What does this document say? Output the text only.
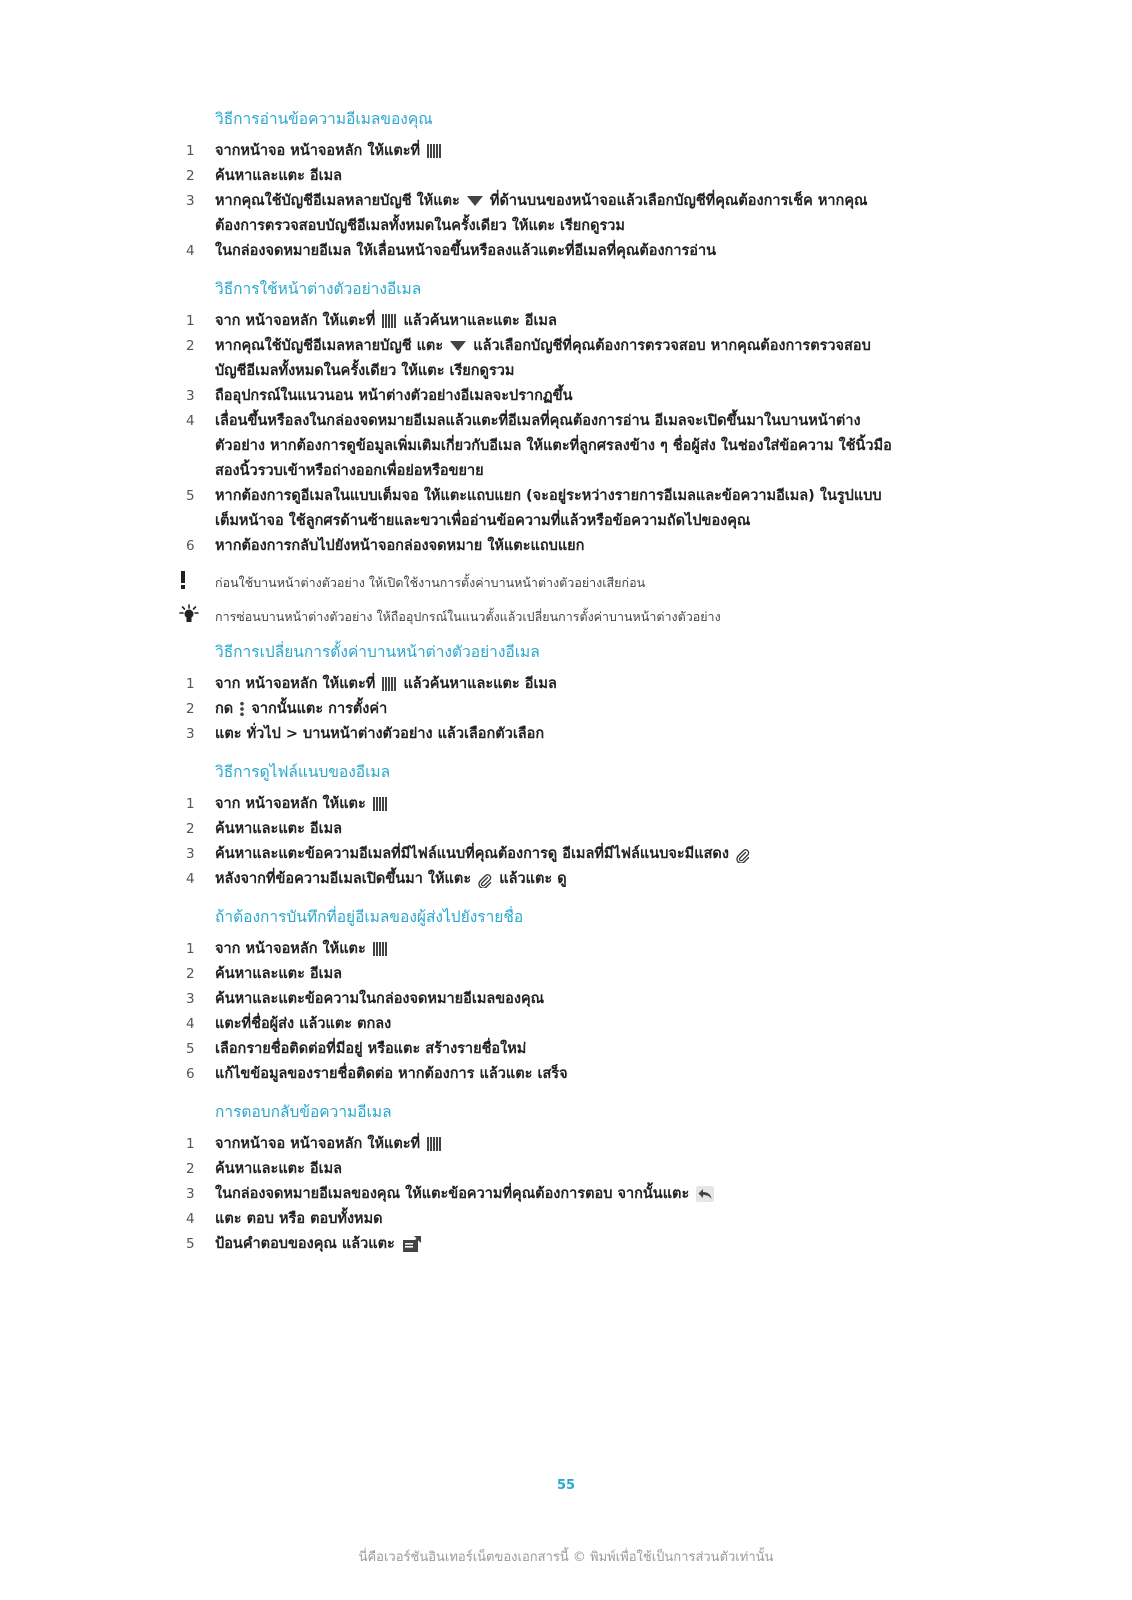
วิธีการอ่านข้อความอีเมลของคุณ
1 จากหน้าจอ หน้าจอหลัก ให้แตะที่
2 ค้นหาและแตะ อีเมล
3 หากคุณใช้บัญชีอีเมลหลายบัญชี ให้แตะ ที่ด้านบนของหน้าจอแล้วเลือกบัญชีที่คุณต้องการเช็ค หากคุณต้องการตรวจสอบบัญชีอีเมลทั้งหมดในครั้งเดียว ให้แตะ เรียกดูรวม
4 ในกล่องจดหมายอีเมล ให้เลื่อนหน้าจอขึ้นหรือลงแล้วแตะที่อีเมลที่คุณต้องการอ่าน
วิธีการใช้หน้าต่างตัวอย่างอีเมล
1 จาก หน้าจอหลัก ให้แตะที่ แล้วค้นหาและแตะ อีเมล
2 หากคุณใช้บัญชีอีเมลหลายบัญชี แตะ แล้วเลือกบัญชีที่คุณต้องการตรวจสอบ หากคุณต้องการตรวจสอบบัญชีอีเมลทั้งหมดในครั้งเดียว ให้แตะ เรียกดูรวม
3 ถืออุปกรณ์ในแนวนอน หน้าต่างตัวอย่างอีเมลจะปรากฏขึ้น
4 เลื่อนขึ้นหรือลงในกล่องจดหมายอีเมลแล้วแตะที่อีเมลที่คุณต้องการอ่าน อีเมลจะเปิดขึ้นมาในบานหน้าต่างตัวอย่าง หากต้องการดูข้อมูลเพิ่มเติมเกี่ยวกับอีเมล ให้แตะที่ลูกศรลงข้าง ๆ ชื่อผู้ส่ง ในช่องใส่ข้อความ ใช้นิ้วมือสองนิ้วรวบเข้าหรือถ่างออกเพื่อย่อหรือขยาย
5 หากต้องการดูอีเมลในแบบเต็มจอ ให้แตะแถบแยก (จะอยู่ระหว่างรายการอีเมลและข้อความอีเมล) ในรูปแบบเต็มหน้าจอ ใช้ลูกศรด้านซ้ายและขวาเพื่ออ่านข้อความที่แล้วหรือข้อความถัดไปของคุณ
6 หากต้องการกลับไปยังหน้าจอกล่องจดหมาย ให้แตะแถบแยก
ก่อนใช้บานหน้าต่างตัวอย่าง ให้เปิดใช้งานการตั้งค่าบานหน้าต่างตัวอย่างเสียก่อน
การซ่อนบานหน้าต่างตัวอย่าง ให้ถืออุปกรณ์ในแนวตั้งแล้วเปลี่ยนการตั้งค่าบานหน้าต่างตัวอย่าง
วิธีการเปลี่ยนการตั้งค่าบานหน้าต่างตัวอย่างอีเมล
1 จาก หน้าจอหลัก ให้แตะที่ แล้วค้นหาและแตะ อีเมล
2 กด จากนั้นแตะ การตั้งค่า
3 แตะ ทั่วไป > บานหน้าต่างตัวอย่าง แล้วเลือกตัวเลือก
วิธีการดูไฟล์แนบของอีเมล
1 จาก หน้าจอหลัก ให้แตะ
2 ค้นหาและแตะ อีเมล
3 ค้นหาและแตะข้อความอีเมลที่มีไฟล์แนบที่คุณต้องการดู อีเมลที่มีไฟล์แนบจะมีแสดง
4 หลังจากที่ข้อความอีเมลเปิดขึ้นมา ให้แตะ แล้วแตะ ดู
ถ้าต้องการบันทึกที่อยู่อีเมลของผู้ส่งไปยังรายชื่อ
1 จาก หน้าจอหลัก ให้แตะ
2 ค้นหาและแตะ อีเมล
3 ค้นหาและแตะข้อความในกล่องจดหมายอีเมลของคุณ
4 แตะที่ชื่อผู้ส่ง แล้วแตะ ตกลง
5 เลือกรายชื่อติดต่อที่มีอยู่ หรือแตะ สร้างรายชื่อใหม่
6 แก้ไขข้อมูลของรายชื่อติดต่อ หากต้องการ แล้วแตะ เสร็จ
การตอบกลับข้อความอีเมล
1 จากหน้าจอ หน้าจอหลัก ให้แตะที่
2 ค้นหาและแตะ อีเมล
3 ในกล่องจดหมายอีเมลของคุณ ให้แตะข้อความที่คุณต้องการตอบ จากนั้นแตะ
4 แตะ ตอบ หรือ ตอบทั้งหมด
5 ป้อนคำตอบของคุณ แล้วแตะ
55
นี่คือเวอร์ชันอินเทอร์เน็ตของเอกสารนี้ © พิมพ์เพื่อใช้เป็นการส่วนตัวเท่านั้น
